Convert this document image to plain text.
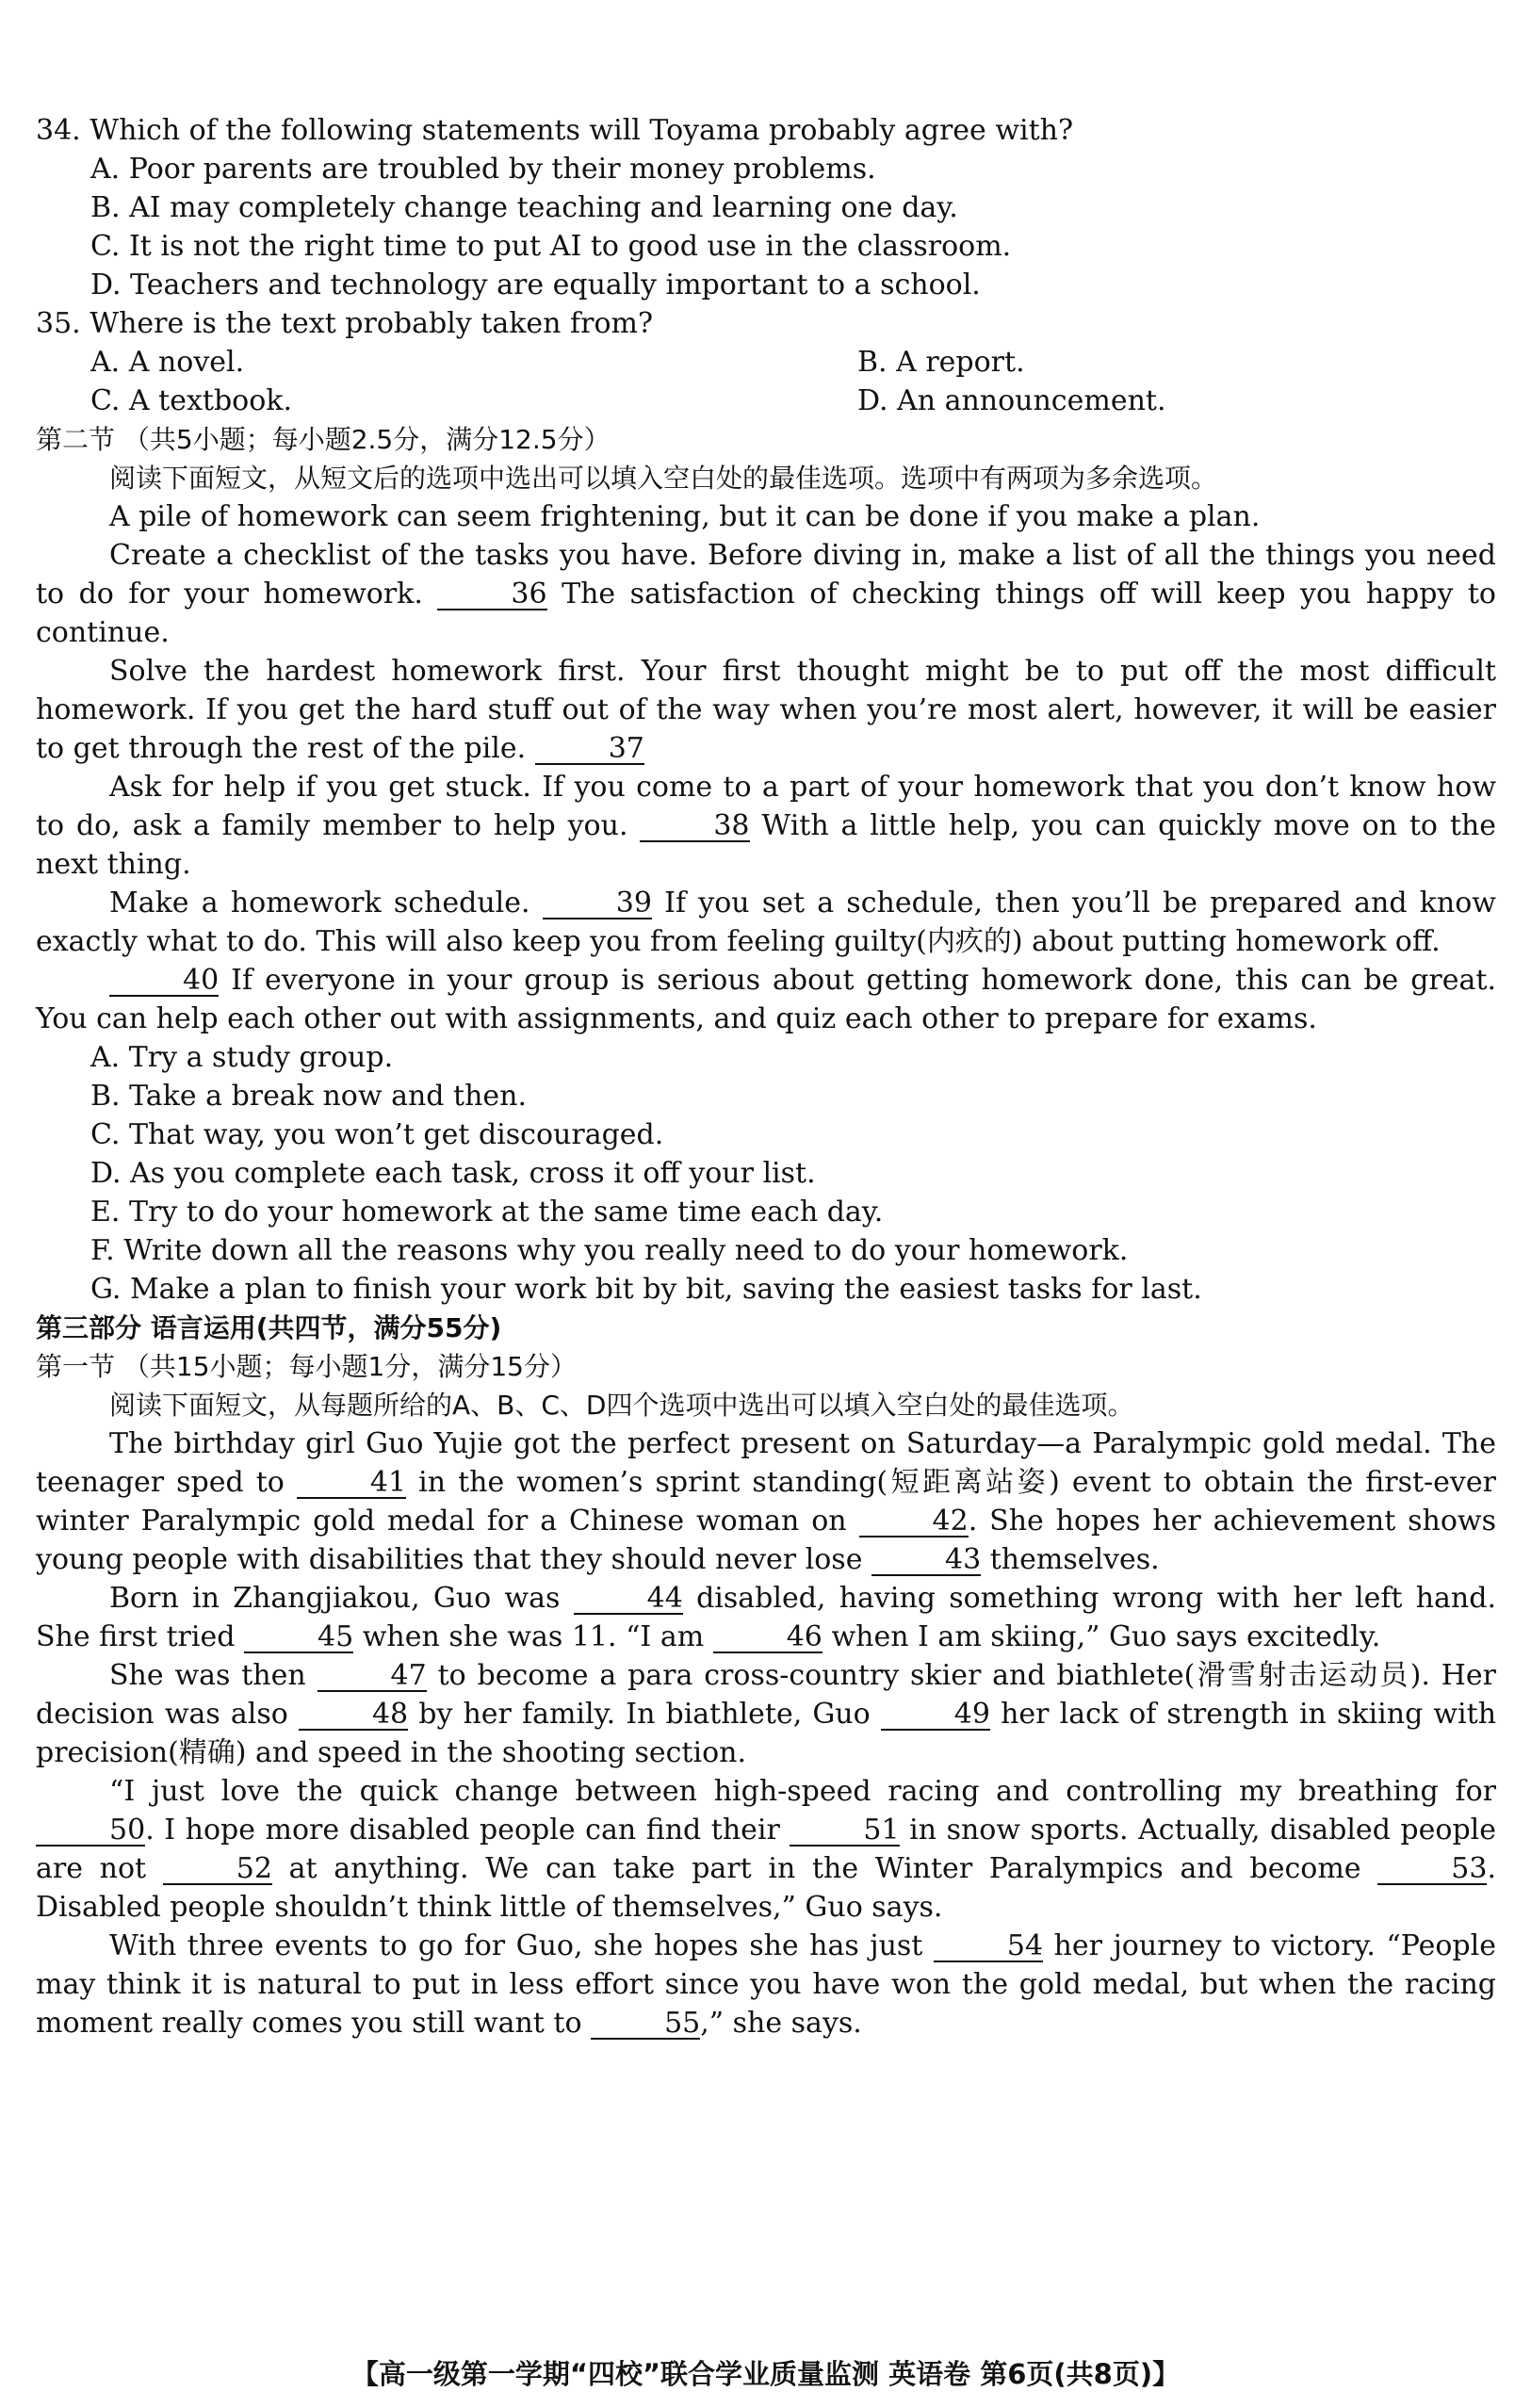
34. Which of the following statements will Toyama probably agree with?

A. Poor parents are troubled by their money problems.

B. AI may completely change teaching and learning one day.

C. It is not the right time to put AI to good use in the classroom.

D. Teachers and technology are equally important to a school.

35. Where is the text probably taken from?

A. A novel.	B. A report.
C. A textbook.	D. An announcement.

第二节 （共5小题；每小题2.5分，满分12.5分）

阅读下面短文，从短文后的选项中选出可以填入空白处的最佳选项。选项中有两项为多余选项。

A pile of homework can seem frightening, but it can be done if you make a plan.

Create a checklist of the tasks you have. Before diving in, make a list of all the things you need to do for your homework.	36 The satisfaction of checking things off will keep you happy to continue.

Solve the hardest homework first. Your first thought might be to put off the most difficult homework. If you get the hard stuff out of the way when you’re most alert, however, it will be easier to get through the rest of the pile.	37

Ask for help if you get stuck. If you come to a part of your homework that you don’t know how to do, ask a family member to help you.	38 With a little help, you can quickly move on to the next thing.

Make a homework schedule.	39 If you set a schedule, then you’ll be prepared and know exactly what to do. This will also keep you from feeling guilty(内疚的) about putting homework off.

40 If everyone in your group is serious about getting homework done, this can be great. You can help each other out with assignments, and quiz each other to prepare for exams.

A. Try a study group.

B. Take a break now and then.

C. That way, you won’t get discouraged.

D. As you complete each task, cross it off your list.

E. Try to do your homework at the same time each day.

F. Write down all the reasons why you really need to do your homework.

G. Make a plan to finish your work bit by bit, saving the easiest tasks for last.

第三部分 语言运用(共四节，满分55分)

第一节 （共15小题；每小题1分，满分15分）

阅读下面短文，从每题所给的A、B、C、D四个选项中选出可以填入空白处的最佳选项。

The birthday girl Guo Yujie got the perfect present on Saturday—a Paralympic gold medal. The teenager sped to	41 in the women’s sprint standing(短距离站姿) event to obtain the first-ever winter Paralympic gold medal for a Chinese woman on	42. She hopes her achievement shows young people with disabilities that they should never lose	43 themselves.

Born in Zhangjiakou, Guo was	44 disabled, having something wrong with her left hand. She first tried	45 when she was 11. “I am	46 when I am skiing,” Guo says excitedly.

She was then	47 to become a para cross-country skier and biathlete(滑雪射击运动员). Her decision was also	48 by her family. In biathlete, Guo	49 her lack of strength in skiing with precision(精确) and speed in the shooting section.

“I just love the quick change between high-speed racing and controlling my breathing for 50. I hope more disabled people can find their	51 in snow sports. Actually, disabled people are not	52 at anything. We can take part in the Winter Paralympics and become	53. Disabled people shouldn’t think little of themselves,” Guo says.

With three events to go for Guo, she hopes she has just	54 her journey to victory. “People may think it is natural to put in less effort since you have won the gold medal, but when the racing moment really comes you still want to	55,” she says.

【高一级第一学期“四校”联合学业质量监测 英语卷 第6页(共8页)】
